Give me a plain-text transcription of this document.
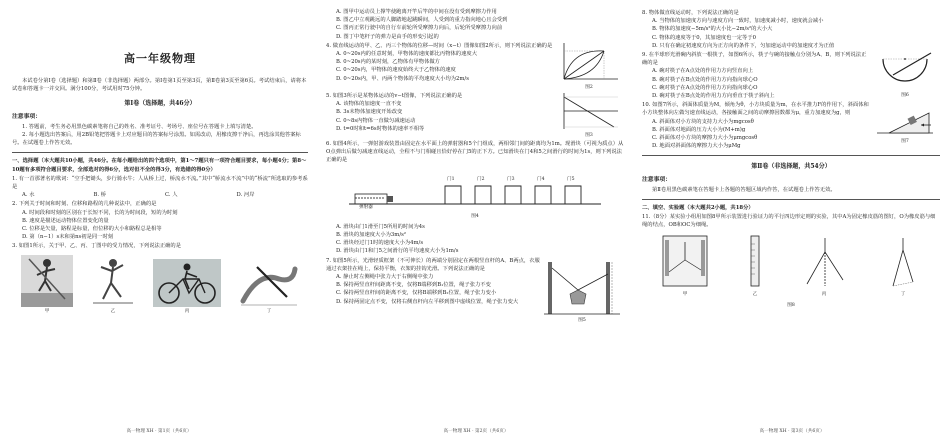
高一年级物理
本试卷分第Ⅰ卷（选择题）和第Ⅱ卷（非选择题）两部分。第Ⅰ卷第1页至第3页，第Ⅱ卷第3页至第6页。考试结束后，请将本试卷和答题卡一并交回。满分100分，考试用时75分钟。
第Ⅰ卷（选择题，共46分）
注意事项：
1. 答题前，考生务必用黑色碳素笔将自己的姓名、准考证号、考场号、座位号在答题卡上填写清楚。
2. 每小题选出答案后，用2B铅笔把答题卡上对应题目的答案标号涂黑。如需改动，用橡皮擦干净后，再选涂其他答案标号。在试题卷上作答无效。
一、选择题（本大题共10小题，共46分。在每小题给出的四个选项中，第1～7题只有一项符合题目要求，每小题4分；第8～10题有多项符合题目要求，全部选对的得6分，选对但不全的得3分，有选错的得0分）
1. 有一首那著名的歌词：“空手把锄头，步行骑水牛；人从桥上过，桥流水不流。”其中“桥流水不流”中的“桥流”所选取的参考系是
A. 水	B. 桥	C. 人	D. 河岸
2. 下列关于时间和时刻、位移和路程的几种说法中，正确的是
A. 时间段和时刻的区别在于长短不同，长的为时间段，短的为时刻
B. 速度是描述运动物体位置变化的量
C. 位移是矢量，路程是标量，但位移的大小和路程总是相等
D. 第（n−1）s末和第ns初是同一时刻
3. 如图1所示，关于甲、乙、丙、丁图中的受力情况，下列说法正确的是
甲	乙	丙	丁
高一物理 XH · 第1页（共6页）
A. 图甲中运动员上撑竿使跑离开竿后竿的中间在没有受到摩擦力作用
B. 图乙中立观跳远的人脚踏地起跳瞬间，人受到的重力指向地心且会受到
C. 图丙正常行驶中的自行车前轮所受摩擦力向后，后轮所受摩擦力向前
D. 图丁中笔杆子的弹力是由手的形变引起的
4. 做直线运动的甲、乙、丙三个物体的位移—时间（x−t）图像如图2所示，则下列说法正确的是
A. 0~20s内的任意时刻，甲物体的速度都比丙物体的速度大
B. 0~20s内的某时刻，乙物体有甲物体做方
C. 0~20s内，甲物体的速度始终大于乙物体的速度
D. 0~20s内，甲、丙两个物体的平均速度大小均为2m/s
图2
5. 如图3所示是某物体运动的v−t图像，下列说法正确的是
A. 该物体的加速度一直不变
B. 3s末物体加速度开始改变
C. 0~8s内物体一直做匀减速运动
D. t=0时和t=6s时物体的速率不相等
图3
6. 如图4所示，一弹射游戏装置由固定在水平面上的弹射器和5个门组成，两相邻门间的距离均为1m。现滑块（可视为质点）从O点弹出后做匀减速直线运动，全程不与门相碰且恰好停在门5的正下方。已知滑块在门4和5之间滑行的时间为1s，则下列说法正确的是
弹射器
门1	门2	门3	门4	门5
图4
A. 滑块由门1滑至门5所用的时间为4s
B. 滑块的加速度大小为3m/s²
C. 滑块经过门1时的速度大小为4m/s
D. 滑块由门1和门5之间滑行的平均速度大小为1m/s
7. 如图5所示，光滑轻质框架（不可伸长）的两端分别固定在两根竖直杆的A、B两点，衣服通过衣架挂在绳上，保持平衡，衣架的挂钩光滑。下列说法正确的是
A. 静止时左侧绳中张力大于右侧绳中张力
B. 保持两竖直杆间距离不变，仅将B端移到B₁位置，绳子张力不变
C. 保持两竖直杆间的距离不变，仅将B端移到B₂位置，绳子张力变小
D. 保持两固定点不变，仅将右侧直杆向左平移到图中虚线位置，绳子张力变大
图5
高一物理 XH · 第2页（共6页）
8. 物体做直线运动时，下列说法正确的是
A. 当物体的加速度方向与速度方向一致时，加速度减小时，速度就会减小
B. 物体的加速度−5m/s²的大小比−2m/s²的大小大
C. 物体的速度等于0，其加速度也一定等于0
D. 只有在确定初速度方向为正方向的条件下，匀加速运动中的加速度才为正值
9. 在半球形光滑碗内斜放一根筷子，如图6所示，筷子与碗的接触点分别为A、B，则下列说法正确的是
A. 碗对筷子在A点处的作用力方向竖直向上
B. 碗对筷子在B点处的作用力方向指向球心O
C. 碗对筷子在A点处的作用力方向指向球心O
D. 碗对筷子在B点处的作用力方向垂直于筷子斜向上	图6
10. 如图7所示，斜面体质量为M，倾角为θ，小方块质量为m，在水平推力F的作用下，斜面体和小方块整体向左做匀速直线运动，各接触面之间的动摩擦因数都为μ，重力加速度为g，则
A. 斜面体对小方块的支持力大小为mgcosθ
B. 斜面体对地面的压力大小为(M+m)g
C. 斜面体对小方块的摩擦力大小为μmgcosθ
D. 地面对斜面体的摩擦力大小为μMg
图7
第Ⅱ卷（非选择题，共54分）
注意事项：
第Ⅱ卷用黑色碳素笔在答题卡上各题的答题区域内作答，在试题卷上作答无效。
二、填空、实验题（本大题共2小题，共18分）
11.（8分）某实验小组用如图8甲所示装置进行验证力的平行四边形定则的实验，其中A为固定橡皮筋的图钉，O为橡皮筋与细绳的结点，OB和OC为细绳。
甲	乙	丙	丁
图8
高一物理 XH · 第3页（共6页）
